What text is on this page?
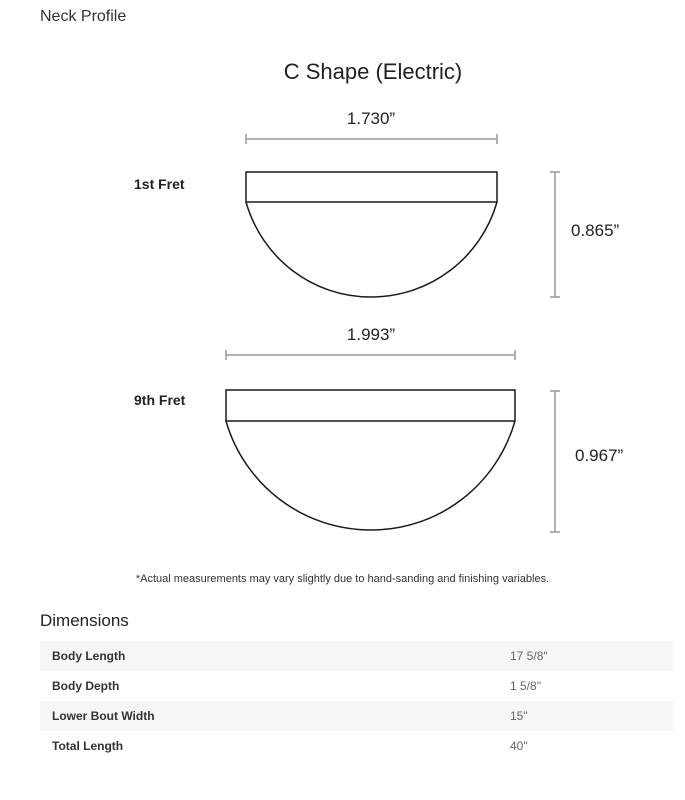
Neck Profile
C Shape (Electric)
1.730”
1st Fret
0.865”
1.993”
9th Fret
0.967”
*Actual measurements may vary slightly due to hand-sanding and finishing variables.
Dimensions
Body Length	17 5/8"
Body Depth	1 5/8"
Lower Bout Width	15"
Total Length	40"
